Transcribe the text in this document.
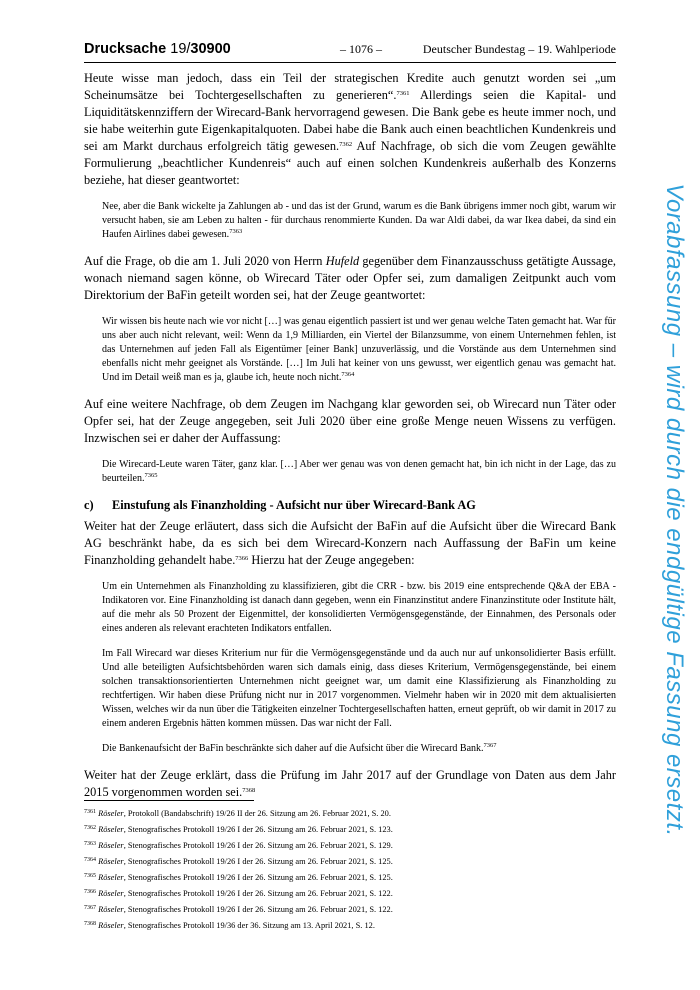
Drucksache 19/30900	– 1076 –	Deutscher Bundestag – 19. Wahlperiode

Heute wisse man jedoch, dass ein Teil der strategischen Kredite auch genutzt worden sei „um Scheinumsätze bei Tochtergesellschaften zu generieren“.$^{7361}$ Allerdings seien die Kapital- und Liquiditätskennziffern der Wirecard-Bank hervorragend gewesen. Die Bank gebe es heute immer noch, und sie habe weiterhin gute Eigenkapitalquoten. Dabei habe die Bank auch einen beachtlichen Kundenkreis und sei am Markt durchaus erfolgreich tätig gewesen.$^{7362}$ Auf Nachfrage, ob sich die vom Zeugen gewählte Formulierung „beachtlicher Kundenreis“ auch auf einen solchen Kundenkreis außerhalb des Konzerns beziehe, hat dieser geantwortet:

Nee, aber die Bank wickelte ja Zahlungen ab - und das ist der Grund, warum es die Bank übrigens immer noch gibt, warum wir versucht haben, sie am Leben zu halten - für durchaus renommierte Kunden. Da war Aldi dabei, da war Ikea dabei, da sind ein Haufen Airlines dabei gewesen.$^{7363}$

Auf die Frage, ob die am 1. Juli 2020 von Herrn Hufeld gegenüber dem Finanzausschuss getätigte Aussage, wonach niemand sagen könne, ob Wirecard Täter oder Opfer sei, zum damaligen Zeitpunkt auch vom Direktorium der BaFin geteilt worden sei, hat der Zeuge geantwortet:

Wir wissen bis heute nach wie vor nicht […] was genau eigentlich passiert ist und wer genau welche Taten gemacht hat. War für uns aber auch nicht relevant, weil: Wenn da 1,9 Milliarden, ein Viertel der Bilanzsumme, von einem Unternehmen fehlen, ist das Unternehmen auf jeden Fall als Eigentümer [einer Bank] unzuverlässig, und die Vorstände aus dem Unternehmen sind ebenfalls nicht mehr geeignet als Vorstände. […] Im Juli hat keiner von uns gewusst, wer eigentlich genau was gemacht hat. Und im Detail weiß man es ja, glaube ich, heute noch nicht.$^{7364}$

Auf eine weitere Nachfrage, ob dem Zeugen im Nachgang klar geworden sei, ob Wirecard nun Täter oder Opfer sei, hat der Zeuge angegeben, seit Juli 2020 über eine große Menge neuen Wissens zu verfügen. Inzwischen sei er daher der Auffassung:

Die Wirecard-Leute waren Täter, ganz klar. […] Aber wer genau was von denen gemacht hat, bin ich nicht in der Lage, das zu beurteilen.$^{7365}$

c) Einstufung als Finanzholding - Aufsicht nur über Wirecard-Bank AG

Weiter hat der Zeuge erläutert, dass sich die Aufsicht der BaFin auf die Aufsicht über die Wirecard Bank AG beschränkt habe, da es sich bei dem Wirecard-Konzern nach Auffassung der BaFin um keine Finanzholding gehandelt habe.$^{7366}$ Hierzu hat der Zeuge angegeben:

Um ein Unternehmen als Finanzholding zu klassifizieren, gibt die CRR - bzw. bis 2019 eine entsprechende Q&A der EBA - Indikatoren vor. Eine Finanzholding ist danach dann gegeben, wenn ein Finanzinstitut andere Finanzinstitute oder Institute hält, auf die mehr als 50 Prozent der Eigenmittel, der konsolidierten Vermögensgegenstände, der Einnahmen, des Personals oder eines anderen als relevant erachteten Indikators entfallen.

Im Fall Wirecard war dieses Kriterium nur für die Vermögensgegenstände und da auch nur auf unkonsolidierter Basis erfüllt. Und alle beteiligten Aufsichtsbehörden waren sich damals einig, dass dieses Kriterium, Vermögensgegenstände, bei einem solchen transaktionsorientierten Unternehmen nicht geeignet war, um damit eine Klassifizierung als Finanzholding zu rechtfertigen. Wir haben diese Prüfung nicht nur in 2017 vorgenommen. Vielmehr haben wir in 2020 mit dem aktualisierten Wissen, welches wir da nun über die Tätigkeiten einzelner Tochtergesellschaften hatten, erneut geprüft, ob wir damit in 2017 zu einem anderen Ergebnis hätten kommen müssen. Das war nicht der Fall.

Die Bankenaufsicht der BaFin beschränkte sich daher auf die Aufsicht über die Wirecard Bank.$^{7367}$

Weiter hat der Zeuge erklärt, dass die Prüfung im Jahr 2017 auf der Grundlage von Daten aus dem Jahr 2015 vorgenommen worden sei.$^{7368}$

$^{7361}$ Röseler, Protokoll (Bandabschrift) 19/26 II der 26. Sitzung am 26. Februar 2021, S. 20.
$^{7362}$ Röseler, Stenografisches Protokoll 19/26 I der 26. Sitzung am 26. Februar 2021, S. 123.
$^{7363}$ Röseler, Stenografisches Protokoll 19/26 I der 26. Sitzung am 26. Februar 2021, S. 129.
$^{7364}$ Röseler, Stenografisches Protokoll 19/26 I der 26. Sitzung am 26. Februar 2021, S. 125.
$^{7365}$ Röseler, Stenografisches Protokoll 19/26 I der 26. Sitzung am 26. Februar 2021, S. 125.
$^{7366}$ Röseler, Stenografisches Protokoll 19/26 I der 26. Sitzung am 26. Februar 2021, S. 122.
$^{7367}$ Röseler, Stenografisches Protokoll 19/26 I der 26. Sitzung am 26. Februar 2021, S. 122.
$^{7368}$ Röseler, Stenografisches Protokoll 19/36 der 36. Sitzung am 13. April 2021, S. 12.
Vorabfassung – wird durch die endgültige Fassung ersetzt.
